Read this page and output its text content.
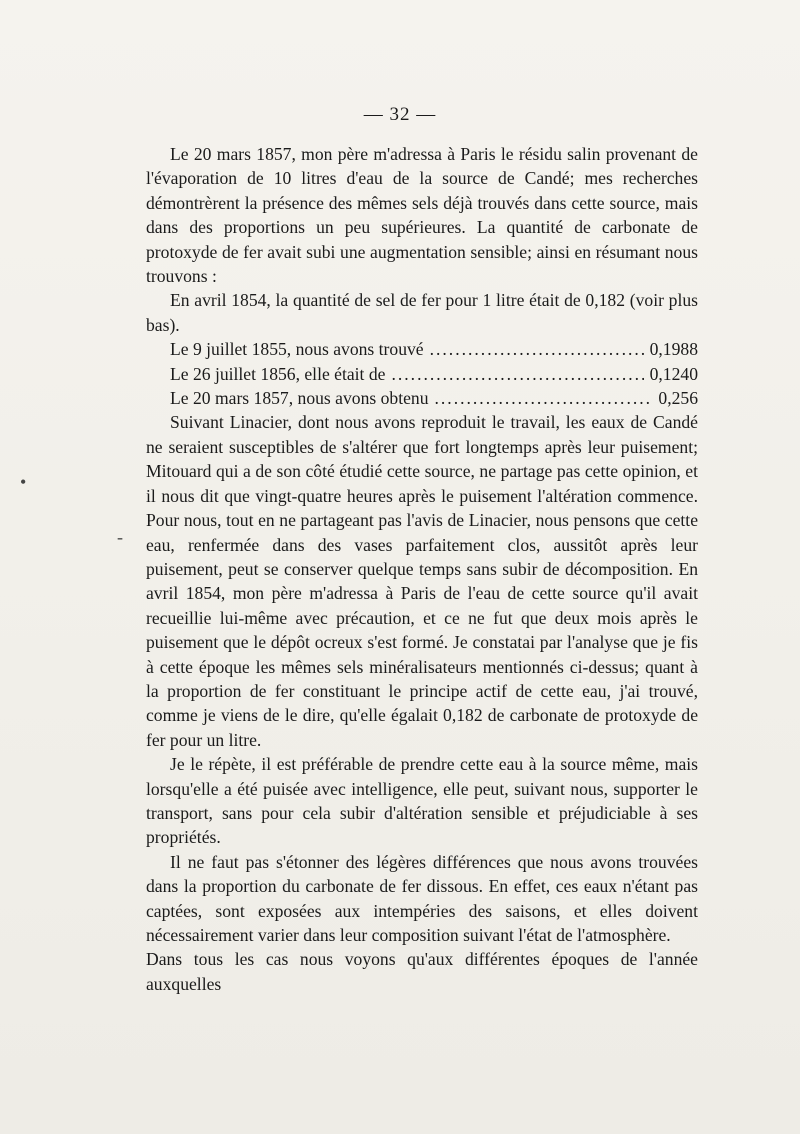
— 32 —
•
-

Le 20 mars 1857, mon père m'adressa à Paris le résidu salin provenant de l'évaporation de 10 litres d'eau de la source de Candé; mes recherches démontrèrent la présence des mêmes sels déjà trouvés dans cette source, mais dans des proportions un peu supérieures. La quantité de carbonate de protoxyde de fer avait subi une augmentation sensible; ainsi en résumant nous trouvons :

En avril 1854, la quantité de sel de fer pour 1 litre était de 0,182 (voir plus bas).

Le 9 juillet 1855, nous avons trouvé .....	0,1988
Le 26 juillet 1856, elle était de .....	0,1240
Le 20 mars 1857, nous avons obtenu .....	0,256

Suivant Linacier, dont nous avons reproduit le travail, les eaux de Candé ne seraient susceptibles de s'altérer que fort longtemps après leur puisement; Mitouard qui a de son côté étudié cette source, ne partage pas cette opinion, et il nous dit que vingt-quatre heures après le puisement l'altération commence. Pour nous, tout en ne partageant pas l'avis de Linacier, nous pensons que cette eau, renfermée dans des vases parfaitement clos, aussitôt après leur puisement, peut se conserver quelque temps sans subir de décomposition. En avril 1854, mon père m'adressa à Paris de l'eau de cette source qu'il avait recueillie lui-même avec précaution, et ce ne fut que deux mois après le puisement que le dépôt ocreux s'est formé. Je constatai par l'analyse que je fis à cette époque les mêmes sels minéralisateurs mentionnés ci-dessus; quant à la proportion de fer constituant le principe actif de cette eau, j'ai trouvé, comme je viens de le dire, qu'elle égalait 0,182 de carbonate de protoxyde de fer pour un litre.

Je le répète, il est préférable de prendre cette eau à la source même, mais lorsqu'elle a été puisée avec intelligence, elle peut, suivant nous, supporter le transport, sans pour cela subir d'altération sensible et préjudiciable à ses propriétés.

Il ne faut pas s'étonner des légères différences que nous avons trouvées dans la proportion du carbonate de fer dissous. En effet, ces eaux n'étant pas captées, sont exposées aux intempéries des saisons, et elles doivent nécessairement varier dans leur composition suivant l'état de l'atmosphère.

Dans tous les cas nous voyons qu'aux différentes époques de l'année auxquelles
